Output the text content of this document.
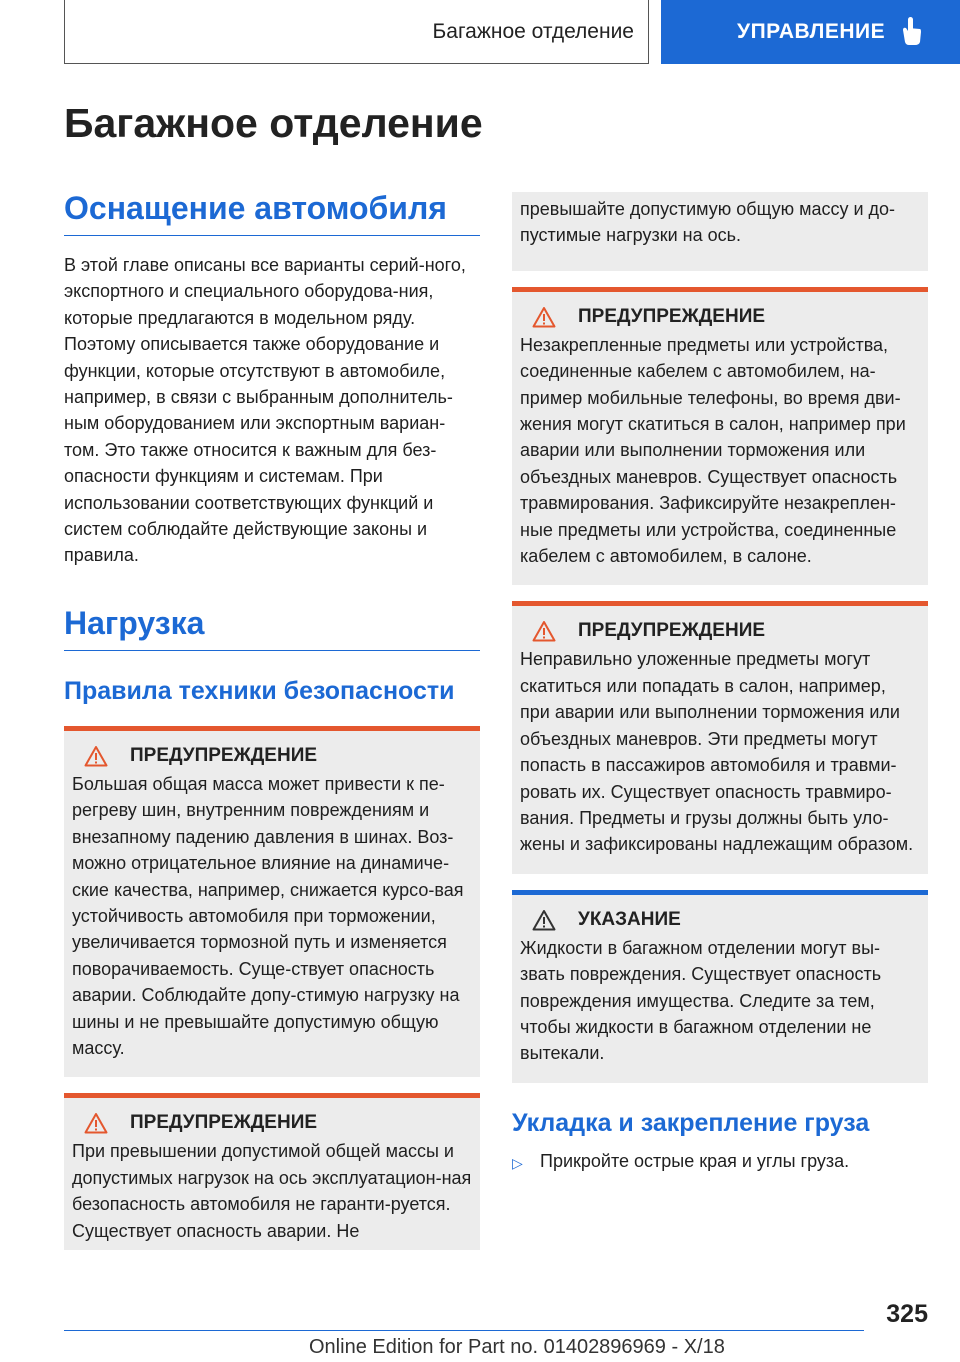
Багажное отделение	УПРАВЛЕНИЕ
Багажное отделение
Оснащение автомобиля

В этой главе описаны все варианты серий-ного, экспортного и специального оборудова-ния, которые предлагаются в модельном ряду. Поэтому описывается также оборудование и функции, которые отсутствуют в автомобиле, например, в связи с выбранным дополнитель-ным оборудованием или экспортным вариан-том. Это также относится к важным для без-опасности функциям и системам. При использовании соответствующих функций и систем соблюдайте действующие законы и правила.

Нагрузка
Правила техники безопасности
ПРЕДУПРЕЖДЕНИЕ

Большая общая масса может привести к пе-регреву шин, внутренним повреждениям и внезапному падению давления в шинах. Воз-можно отрицательное влияние на динамиче-ские качества, например, снижается курсо-вая устойчивость автомобиля при торможении, увеличивается тормозной путь и изменяется поворачиваемость. Суще-ствует опасность аварии. Соблюдайте допу-стимую нагрузку на шины и не превышайте допустимую общую массу.

ПРЕДУПРЕЖДЕНИЕ

При превышении допустимой общей массы и допустимых нагрузок на ось эксплуатацион-ная безопасность автомобиля не гаранти-руется. Существует опасность аварии. Не

превышайте допустимую общую массу и до-пустимые нагрузки на ось.

ПРЕДУПРЕЖДЕНИЕ

Незакрепленные предметы или устройства, соединенные кабелем с автомобилем, на-пример мобильные телефоны, во время дви-жения могут скатиться в салон, например при аварии или выполнении торможения или объездных маневров. Существует опасность травмирования. Зафиксируйте незакреплен-ные предметы или устройства, соединенные кабелем с автомобилем, в салоне.

ПРЕДУПРЕЖДЕНИЕ

Неправильно уложенные предметы могут скатиться или попадать в салон, например, при аварии или выполнении торможения или объездных маневров. Эти предметы могут попасть в пассажиров автомобиля и травми-ровать их. Существует опасность травмиро-вания. Предметы и грузы должны быть уло-жены и зафиксированы надлежащим образом.

УКАЗАНИЕ

Жидкости в багажном отделении могут вы-звать повреждения. Существует опасность повреждения имущества. Следите за тем, чтобы жидкости в багажном отделении не вытекали.

Укладка и закрепление груза
▷ Прикройте острые края и углы груза.
325
Online Edition for Part no. 01402896969 - X/18
